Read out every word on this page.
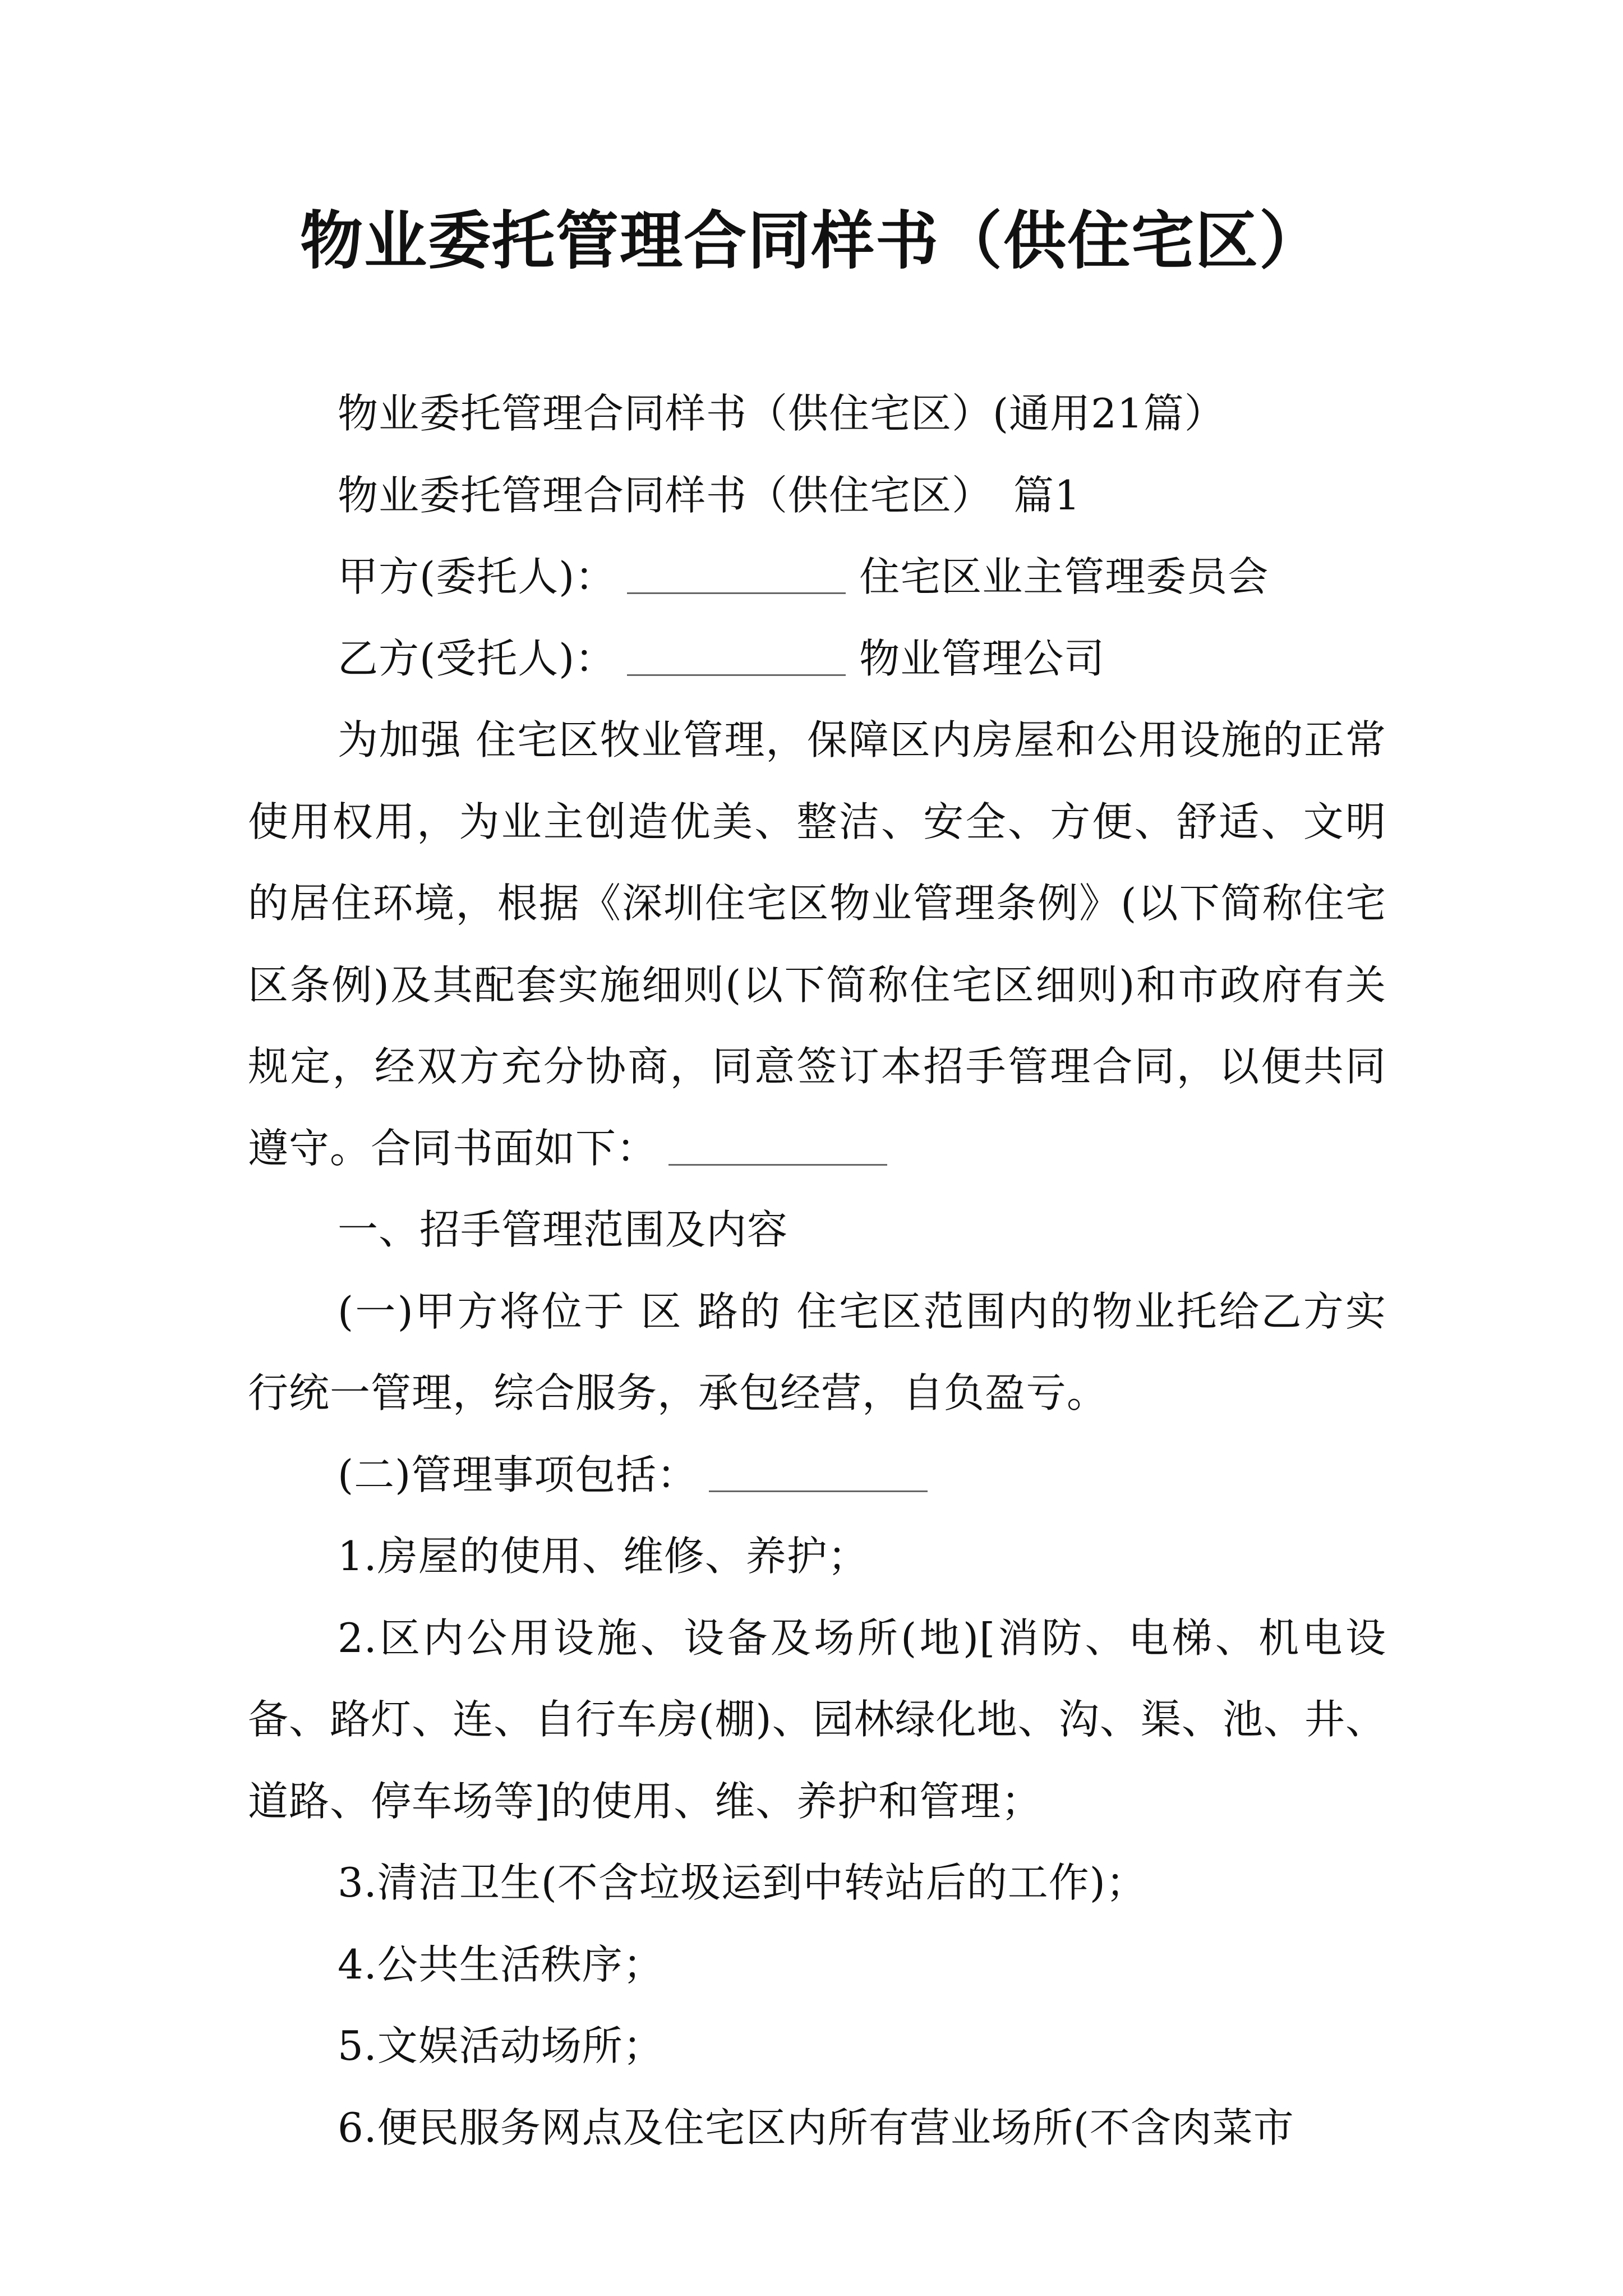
物业委托管理合同样书（供住宅区）

物业委托管理合同样书（供住宅区）(通用21篇）

物业委托管理合同样书（供住宅区）　篇1

甲方(委托人)：	住宅区业主管理委员会

乙方(受托人)：	物业管理公司

为加强 住宅区牧业管理，保障区内房屋和公用设施的正常使用权用，为业主创造优美、整洁、安全、方便、舒适、文明的居住环境，根据《深圳住宅区物业管理条例》(以下简称住宅区条例)及其配套实施细则(以下简称住宅区细则)和市政府有关规定，经双方充分协商，同意签订本招手管理合同，以便共同遵守。合同书面如下：

一、招手管理范围及内容

(一)甲方将位于 区 路的 住宅区范围内的物业托给乙方实行统一管理，综合服务，承包经营，自负盈亏。

(二)管理事项包括：

1.房屋的使用、维修、养护；

2.区内公用设施、设备及场所(地)[消防、电梯、机电设备、路灯、连、自行车房(棚)、园林绿化地、沟、渠、池、井、道路、停车场等]的使用、维、养护和管理；

3.清洁卫生(不含垃圾运到中转站后的工作)；

4.公共生活秩序；

5.文娱活动场所；

6.便民服务网点及住宅区内所有营业场所(不含肉菜市
